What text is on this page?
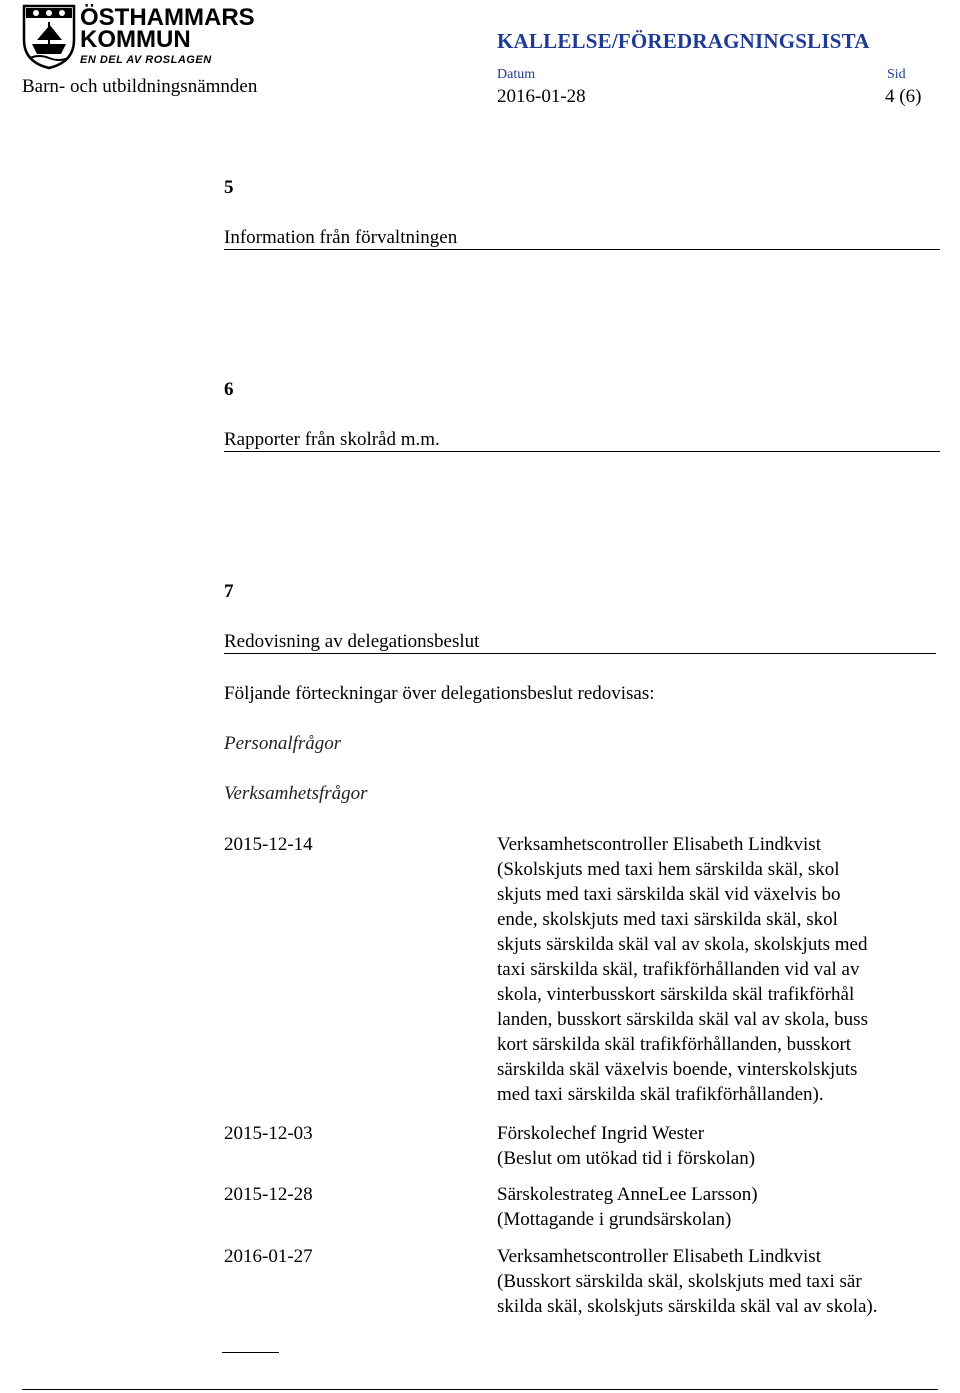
ÖSTHAMMARS
KOMMUN
EN DEL AV ROSLAGEN
Barn- och utbildningsnämnden
KALLELSE/FÖREDRAGNINGSLISTA
Datum	Sid
2016-01-28	4 (6)
5
Information från förvaltningen
6
Rapporter från skolråd m.m.
7
Redovisning av delegationsbeslut
Följande förteckningar över delegationsbeslut redovisas:
Personalfrågor
Verksamhetsfrågor
2015-12-14	Verksamhetscontroller Elisabeth Lindkvist
(Skolskjuts med taxi hem särskilda skäl, skol
skjuts med taxi särskilda skäl vid växelvis bo
ende, skolskjuts med taxi särskilda skäl, skol
skjuts särskilda skäl val av skola, skolskjuts med
taxi särskilda skäl, trafikförhållanden vid val av
skola, vinterbusskort särskilda skäl trafikförhål
landen, busskort särskilda skäl val av skola, buss
kort särskilda skäl trafikförhållanden, busskort
särskilda skäl växelvis boende, vinterskolskjuts
med taxi särskilda skäl trafikförhållanden).
2015-12-03	Förskolechef Ingrid Wester
(Beslut om utökad tid i förskolan)
2015-12-28	Särskolestrateg AnneLee Larsson)
(Mottagande i grundsärskolan)
2016-01-27	Verksamhetscontroller Elisabeth Lindkvist
(Busskort särskilda skäl, skolskjuts med taxi sär
skilda skäl, skolskjuts särskilda skäl val av skola).
